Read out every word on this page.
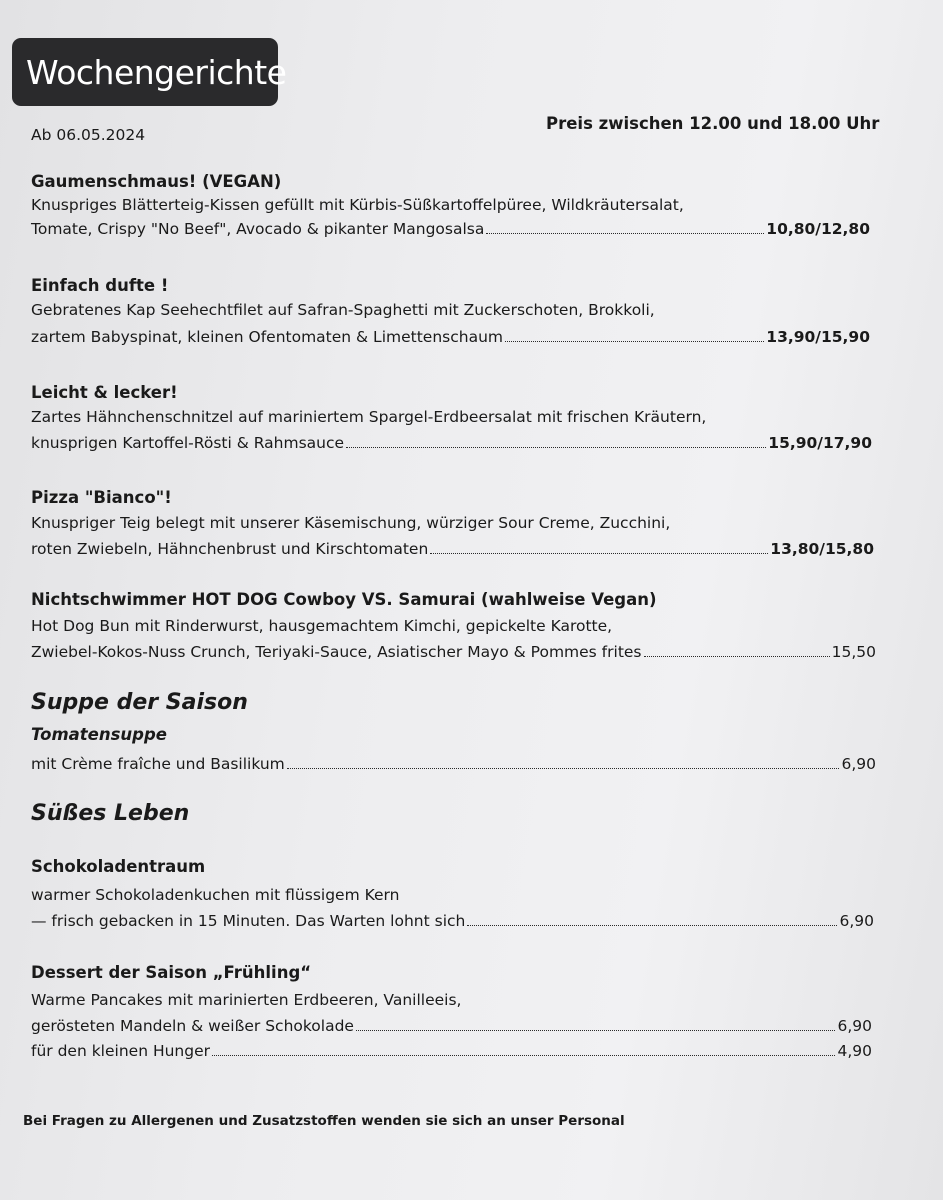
Wochengerichte
Ab 06.05.2024
Preis zwischen 12.00 und 18.00 Uhr
Gaumenschmaus! (VEGAN)
Knuspriges Blätterteig-Kissen gefüllt mit Kürbis-Süßkartoffelpüree, Wildkräutersalat,
Tomate, Crispy "No Beef", Avocado & pikanter Mangosalsa	10,80/12,80
Einfach dufte !
Gebratenes Kap Seehechtfilet auf Safran-Spaghetti mit Zuckerschoten, Brokkoli,
zartem Babyspinat, kleinen Ofentomaten & Limettenschaum	13,90/15,90
Leicht & lecker!
Zartes Hähnchenschnitzel auf mariniertem Spargel-Erdbeersalat mit frischen Kräutern,
knusprigen Kartoffel-Rösti & Rahmsauce	15,90/17,90
Pizza "Bianco"!
Knuspriger Teig belegt mit unserer Käsemischung, würziger Sour Creme, Zucchini,
roten Zwiebeln, Hähnchenbrust und Kirschtomaten	13,80/15,80
Nichtschwimmer HOT DOG Cowboy VS. Samurai (wahlweise Vegan)
Hot Dog Bun mit Rinderwurst, hausgemachtem Kimchi, gepickelte Karotte,
Zwiebel-Kokos-Nuss Crunch, Teriyaki-Sauce, Asiatischer Mayo & Pommes frites	15,50
Suppe der Saison
Tomatensuppe
mit Crème fraîche und Basilikum	6,90
Süßes Leben
Schokoladentraum
warmer Schokoladenkuchen mit flüssigem Kern
— frisch gebacken in 15 Minuten. Das Warten lohnt sich	6,90
Dessert der Saison „Frühling“
Warme Pancakes mit marinierten Erdbeeren, Vanilleeis,
gerösteten Mandeln & weißer Schokolade	6,90
für den kleinen Hunger	4,90
Bei Fragen zu Allergenen und Zusatzstoffen wenden sie sich an unser Personal
